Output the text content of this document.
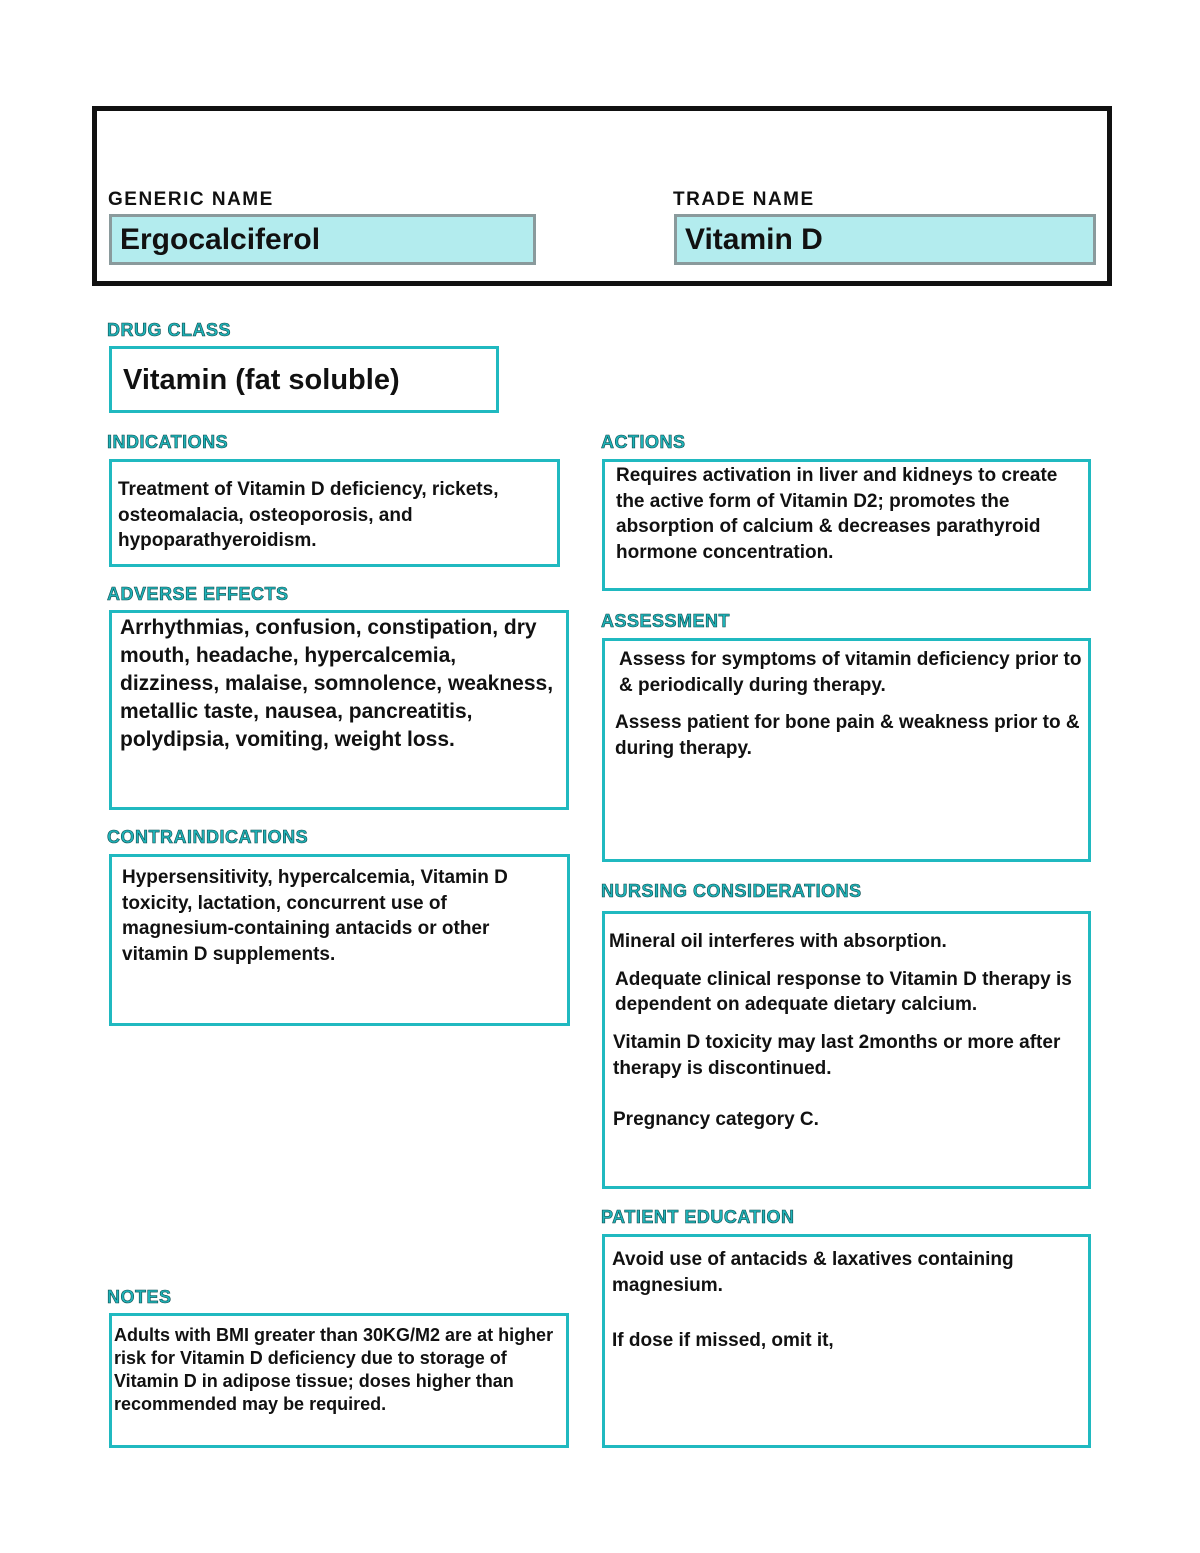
GENERIC NAME
Ergocalciferol
TRADE NAME
Vitamin D
DRUG CLASS
Vitamin (fat soluble)
INDICATIONS

Treatment of Vitamin D deficiency, rickets, osteomalacia, osteoporosis, and hypoparathyeroidism.

ACTIONS

Requires activation in liver and kidneys to create the active form of Vitamin D2; promotes the absorption of calcium & decreases parathyroid hormone concentration.

ADVERSE EFFECTS

Arrhythmias, confusion, constipation, dry mouth, headache, hypercalcemia, dizziness, malaise, somnolence, weakness, metallic taste, nausea, pancreatitis, polydipsia, vomiting, weight loss.

ASSESSMENT

Assess for symptoms of vitamin deficiency prior to & periodically during therapy.

Assess patient for bone pain & weakness prior to & during therapy.

CONTRAINDICATIONS

Hypersensitivity, hypercalcemia, Vitamin D toxicity, lactation, concurrent use of magnesium-containing antacids or other vitamin D supplements.

NURSING CONSIDERATIONS

Mineral oil interferes with absorption.

Adequate clinical response to Vitamin D therapy is dependent on adequate dietary calcium.

Vitamin D toxicity may last 2months or more after therapy is discontinued.

Pregnancy category C.

PATIENT EDUCATION

Avoid use of antacids & laxatives containing magnesium.

If dose if missed, omit it,

NOTES

Adults with BMI greater than 30KG/M2 are at higher risk for Vitamin D deficiency due to storage of Vitamin D in adipose tissue; doses higher than recommended may be required.
